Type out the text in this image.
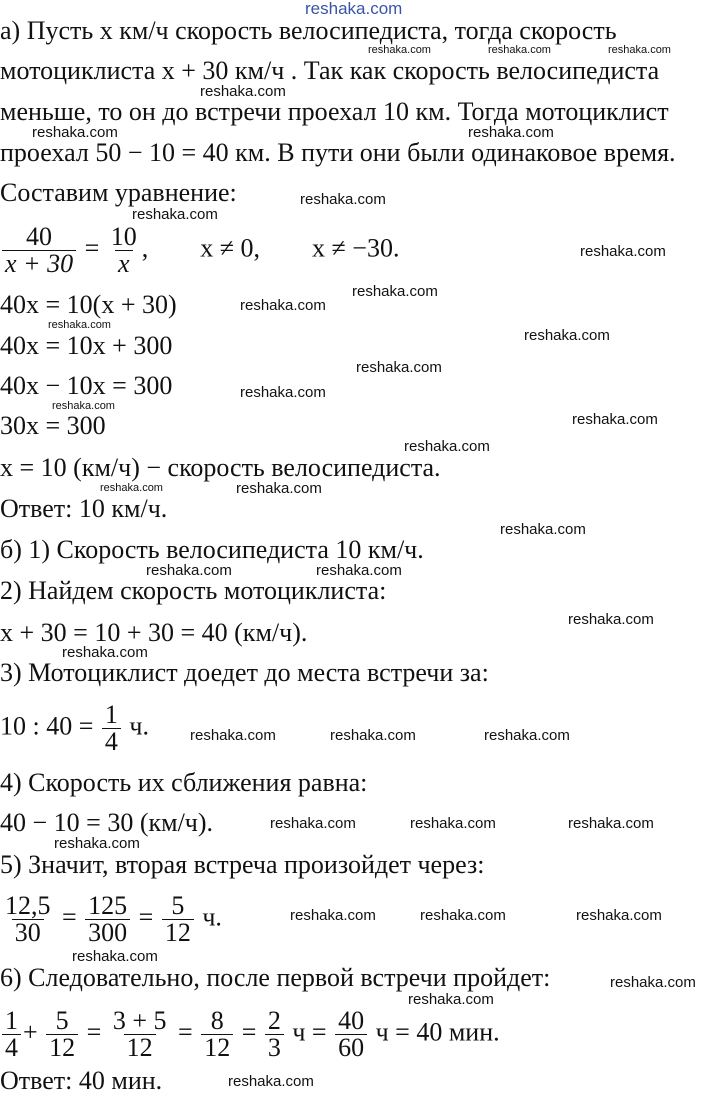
а) Пусть x км/ч скорость велосипедиста, тогда скорость
мотоциклиста x + 30 км/ч . Так как скорость велосипедиста
меньше, то он до встречи проехал 10 км. Тогда мотоциклист
проехал 50 − 10 = 40 км. В пути они были одинаковое время.
Составим уравнение:
$\frac{40}{x + 30} = \frac{10}{x}$ ,        x ≠ 0,        x ≠ −30.
40x = 10(x + 30)
40x = 10x + 300
40x − 10x = 300
30x = 300
x = 10 (км/ч) − скорость велосипедиста.
Ответ: 10 км/ч.
б) 1) Скорость велосипедиста 10 км/ч.
2) Найдем скорость мотоциклиста:
x + 30 = 10 + 30 = 40 (км/ч).
3) Мотоциклист доедет до места встречи за:
10 : $40 = \frac{1}{4} ч$.
4) Скорость их сближения равна:
40 − 10 = 30 (км/ч).
5) Значит, вторая встреча произойдет через:
$\frac{12,5}{30} = \frac{125}{300} = \frac{5}{12} ч$.
6) Следовательно, после первой встречи пройдет:
$\frac{1}{4} + \frac{5}{12} = \frac{3 + 5}{12} = \frac{8}{12} = \frac{2}{3}$ $ч = \frac{40}{60}$ ч = 40 мин.
Ответ: 40 мин.
reshaka.com
reshaka.com	reshaka.com	reshaka.com
reshaka.com
reshaka.com	reshaka.com
reshaka.com
reshaka.com
reshaka.com
reshaka.com
reshaka.com
reshaka.com
reshaka.com
reshaka.com
reshaka.com
reshaka.com
reshaka.com
reshaka.com
reshaka.com	reshaka.com
reshaka.com
reshaka.com	reshaka.com
reshaka.com
reshaka.com
reshaka.com	reshaka.com	reshaka.com
reshaka.com	reshaka.com	reshaka.com
reshaka.com
reshaka.com	reshaka.com	reshaka.com
reshaka.com
reshaka.com
reshaka.com
reshaka.com
